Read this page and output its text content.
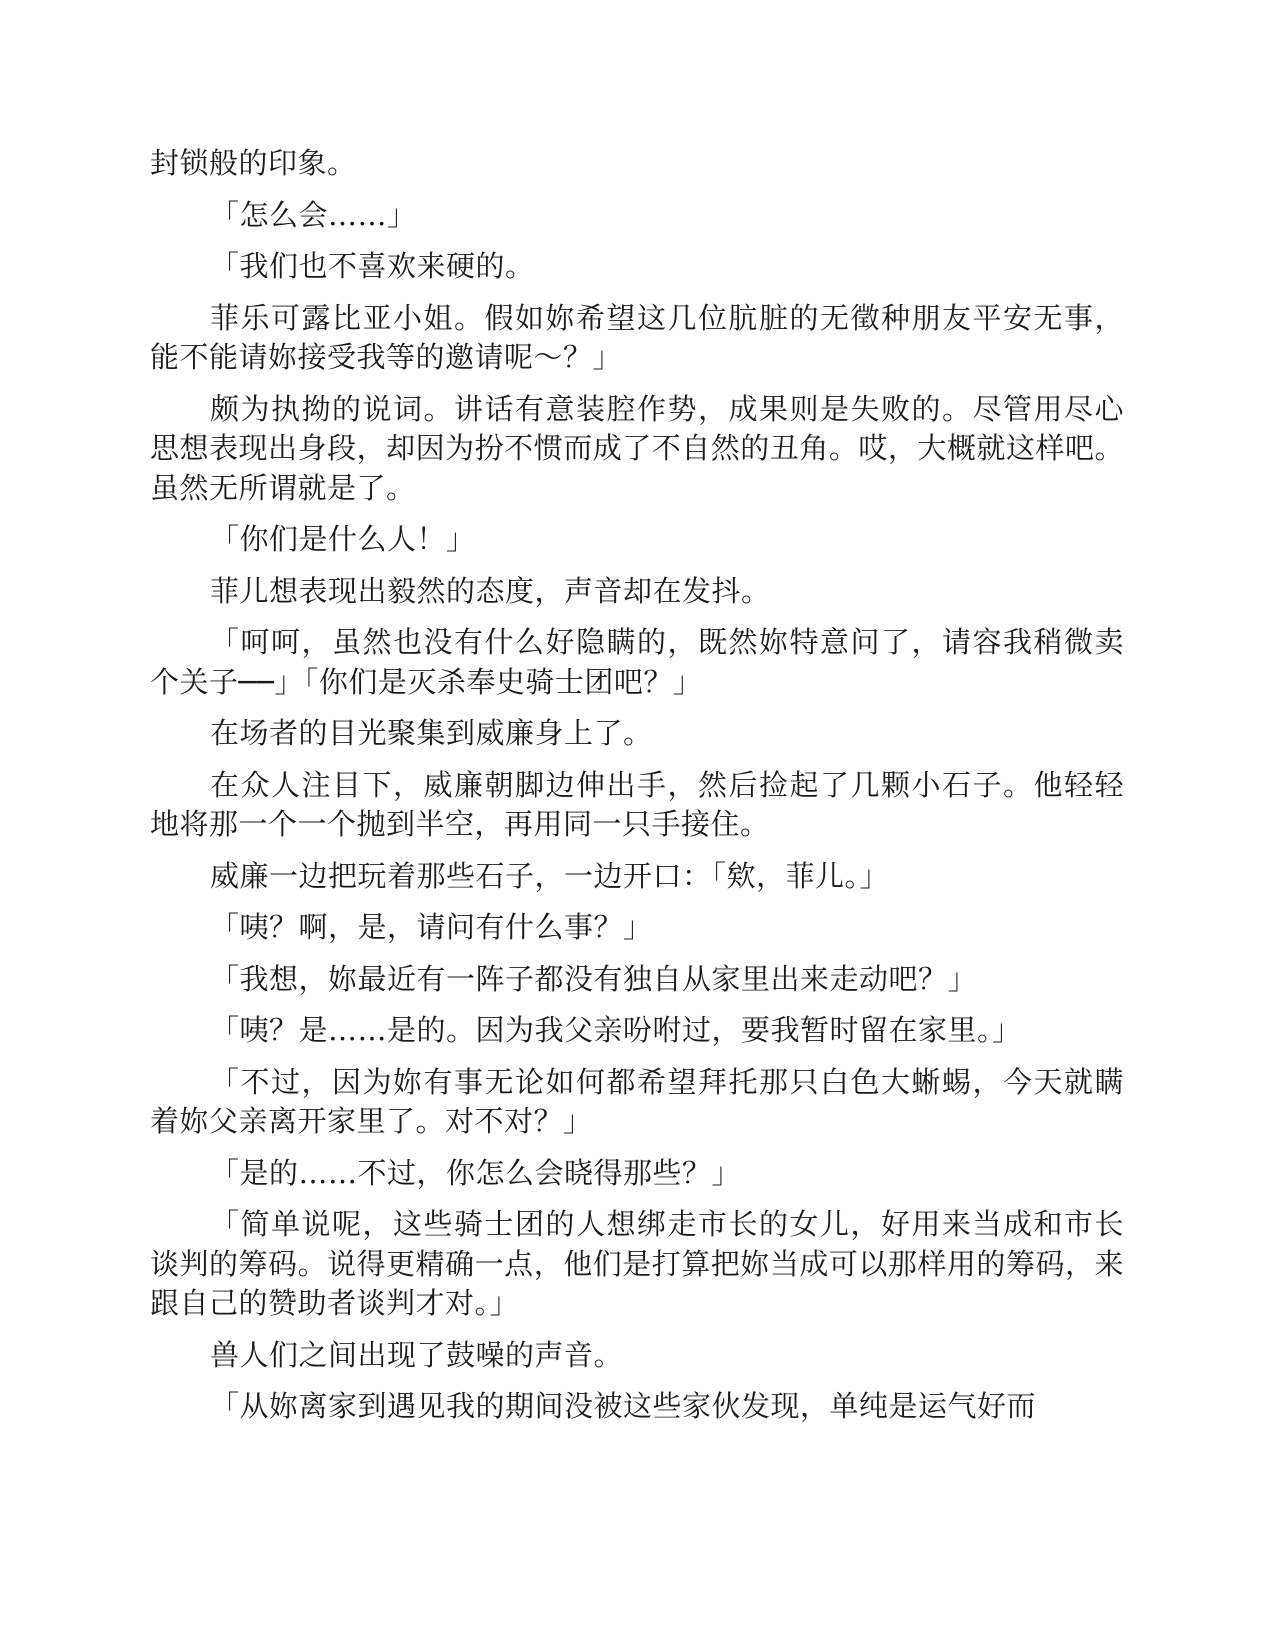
封锁般的印象。

「怎么会……」

「我们也不喜欢来硬的。

菲乐可露比亚小姐。假如妳希望这几位肮脏的无徵种朋友平安无事，能不能请妳接受我等的邀请呢～？」

颇为执拗的说词。讲话有意装腔作势，成果则是失败的。尽管用尽心思想表现出身段，却因为扮不惯而成了不自然的丑角。哎，大概就这样吧。虽然无所谓就是了。

「你们是什么人！」

菲儿想表现出毅然的态度，声音却在发抖。

「呵呵，虽然也没有什么好隐瞒的，既然妳特意问了，请容我稍微卖个关子──」「你们是灭杀奉史骑士团吧？」

在场者的目光聚集到威廉身上了。

在众人注目下，威廉朝脚边伸出手，然后捡起了几颗小石子。他轻轻地将那一个一个抛到半空，再用同一只手接住。

威廉一边把玩着那些石子，一边开口：「欸，菲儿。」

「咦？啊，是，请问有什么事？」

「我想，妳最近有一阵子都没有独自从家里出来走动吧？」

「咦？是……是的。因为我父亲吩咐过，要我暂时留在家里。」

「不过，因为妳有事无论如何都希望拜托那只白色大蜥蜴，今天就瞒着妳父亲离开家里了。对不对？」

「是的……不过，你怎么会晓得那些？」

「简单说呢，这些骑士团的人想绑走市长的女儿，好用来当成和市长谈判的筹码。说得更精确一点，他们是打算把妳当成可以那样用的筹码，来跟自己的赞助者谈判才对。」

兽人们之间出现了鼓噪的声音。

「从妳离家到遇见我的期间没被这些家伙发现，单纯是运气好而
